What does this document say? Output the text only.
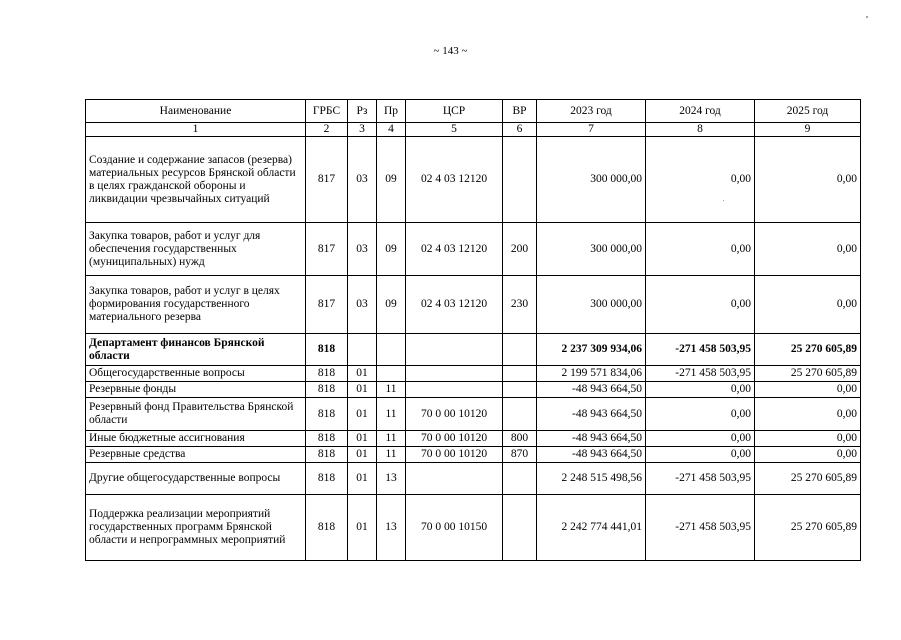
~ 143 ~
Наименование	ГРБС	Рз	Пр	ЦСР	ВР	2023 год	2024 год	2025 год
1	2	3	4	5	6	7	8	9
Создание и содержание запасов (резерва) материальных ресурсов Брянской области в целях гражданской обороны и ликвидации чрезвычайных ситуаций	817	03	09	02 4 03 12120		300 000,00	0,00	0,00
Закупка товаров, работ и услуг для обеспечения государственных (муниципальных) нужд	817	03	09	02 4 03 12120	200	300 000,00	0,00	0,00
Закупка товаров, работ и услуг в целях формирования государственного материального резерва	817	03	09	02 4 03 12120	230	300 000,00	0,00	0,00
Департамент финансов Брянской области	818					2 237 309 934,06	-271 458 503,95	25 270 605,89
Общегосударственные вопросы	818	01				2 199 571 834,06	-271 458 503,95	25 270 605,89
Резервные фонды	818	01	11			-48 943 664,50	0,00	0,00
Резервный фонд Правительства Брянской области	818	01	11	70 0 00 10120		-48 943 664,50	0,00	0,00
Иные бюджетные ассигнования	818	01	11	70 0 00 10120	800	-48 943 664,50	0,00	0,00
Резервные средства	818	01	11	70 0 00 10120	870	-48 943 664,50	0,00	0,00
Другие общегосударственные вопросы	818	01	13			2 248 515 498,56	-271 458 503,95	25 270 605,89
Поддержка реализации мероприятий государственных программ Брянской области и непрограммных мероприятий	818	01	13	70 0 00 10150		2 242 774 441,01	-271 458 503,95	25 270 605,89
